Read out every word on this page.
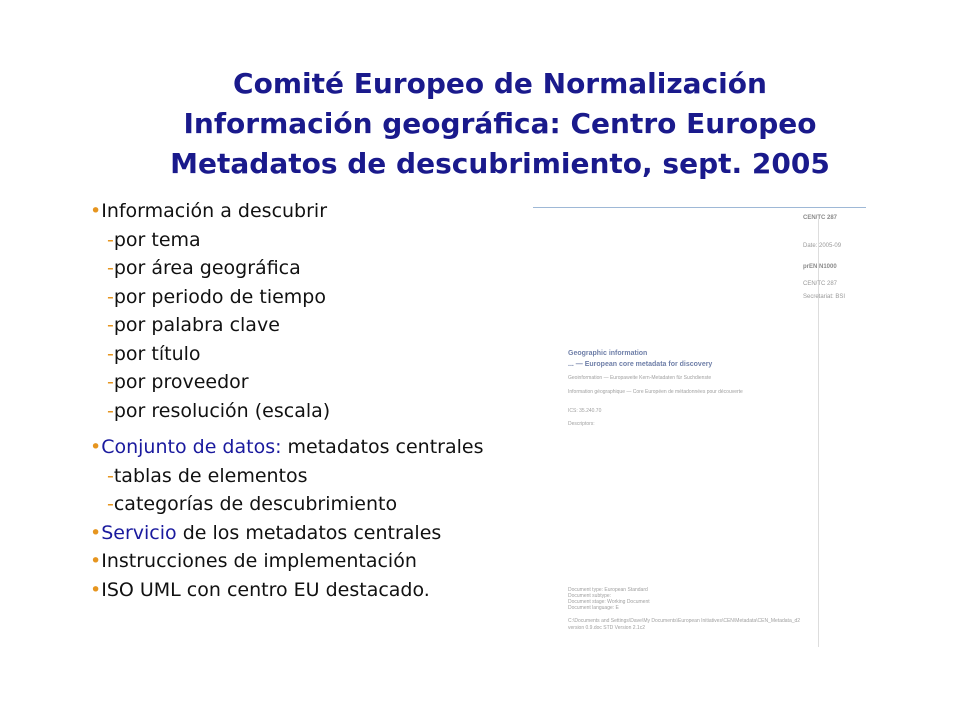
Comité Europeo de Normalización
Información geográfica: Centro Europeo
Metadatos de descubrimiento, sept. 2005
•Información a descubrir
-por tema
-por área geográfica
-por periodo de tiempo
-por palabra clave
-por título
-por proveedor
-por resolución (escala)
•Conjunto de datos: metadatos centrales
-tablas de elementos
-categorías de descubrimiento
•Servicio de los metadatos centrales
•Instrucciones de implementación
•ISO UML con centro EU destacado.
CEN/TC 287
Date: 2005-09
prEN N1000
CEN/TC 287
Secretariat: BSI
Geographic information
... — European core metadata for discovery
Geoinformation — Europaweite Kern-Metadaten für Suchdienste
Information géographique — Core Européen de métadonnées pour découverte
ICS: 35.240.70
Descriptors:
Document type: European Standard
Document subtype:
Document stage: Working Document
Document language: E
C:\Documents and Settings\Dave\My Documents\European Initiatives\CEN\Metadata\CEN_Metadata_d2
version 0.9.doc STD Version 2.1c2
